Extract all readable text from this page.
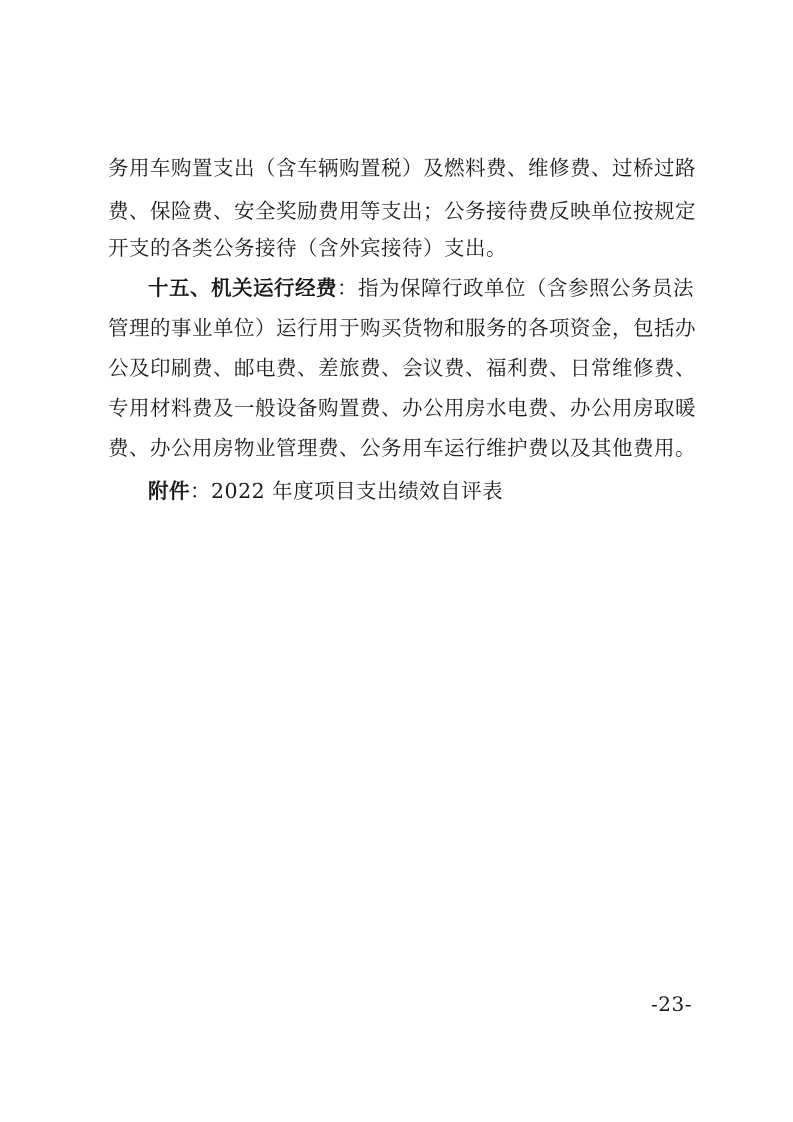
务用车购置支出（含车辆购置税）及燃料费、维修费、过桥过路
费、保险费、安全奖励费用等支出；公务接待费反映单位按规定
开支的各类公务接待（含外宾接待）支出。
十五、机关运行经费：指为保障行政单位（含参照公务员法
管理的事业单位）运行用于购买货物和服务的各项资金，包括办
公及印刷费、邮电费、差旅费、会议费、福利费、日常维修费、
专用材料费及一般设备购置费、办公用房水电费、办公用房取暖
费、办公用房物业管理费、公务用车运行维护费以及其他费用。
附件：2022 年度项目支出绩效自评表
-23-
